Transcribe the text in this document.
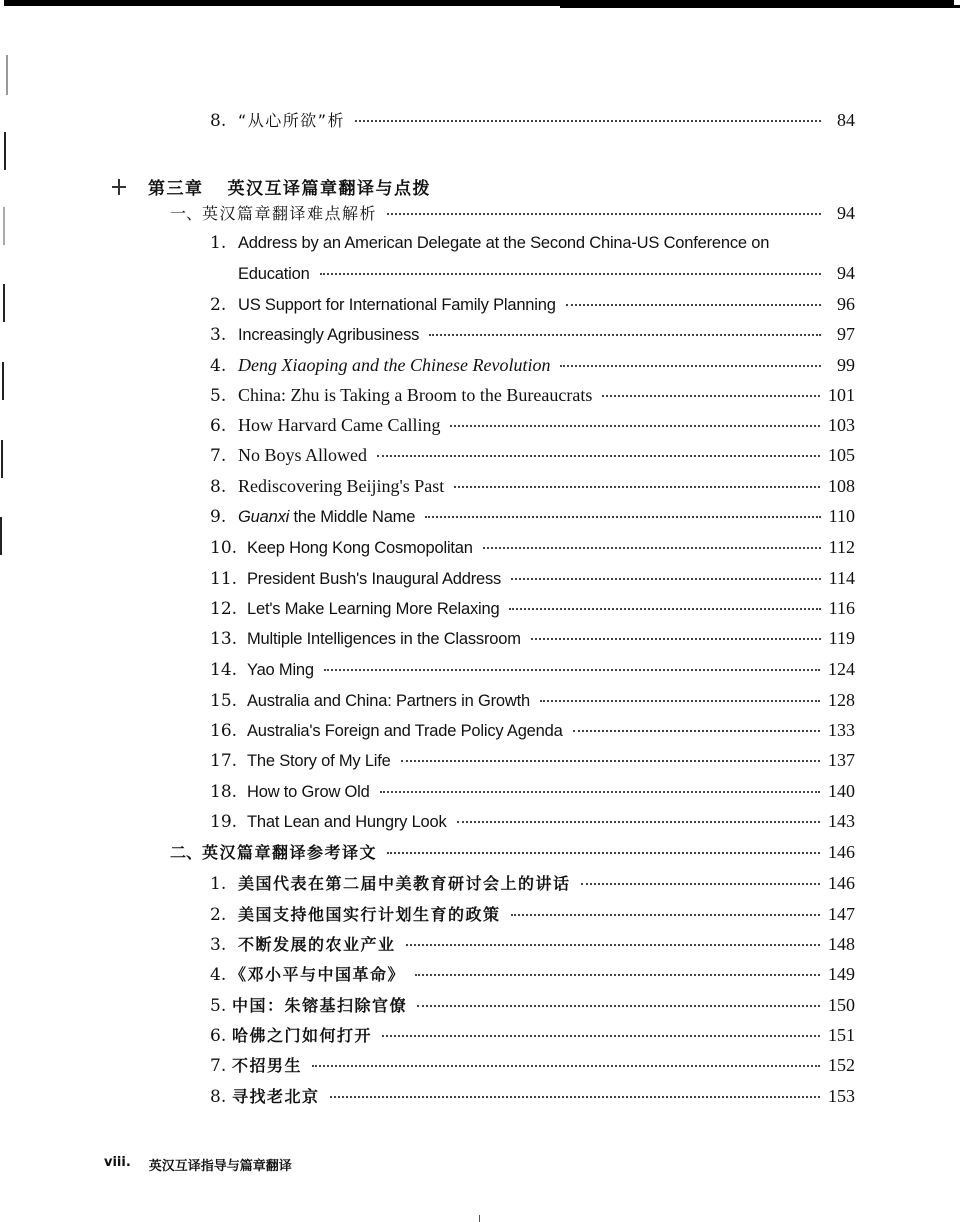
8. “从心所欲”析	84
第三章 英汉互译篇章翻译与点拨
一、 英汉篇章翻译难点解析	94
1. Address by an American Delegate at the Second China-US Conference on
Education	94
2. US Support for International Family Planning	96
3. Increasingly Agribusiness	97
4. Deng Xiaoping and the Chinese Revolution	99
5. China: Zhu is Taking a Broom to the Bureaucrats	101
6. How Harvard Came Calling	103
7. No Boys Allowed	105
8. Rediscovering Beijing's Past	108
9. Guanxi the Middle Name	110
10. Keep Hong Kong Cosmopolitan	112
11. President Bush's Inaugural Address	114
12. Let's Make Learning More Relaxing	116
13. Multiple Intelligences in the Classroom	119
14. Yao Ming	124
15. Australia and China: Partners in Growth	128
16. Australia's Foreign and Trade Policy Agenda	133
17. The Story of My Life	137
18. How to Grow Old	140
19. That Lean and Hungry Look	143
二、 英汉篇章翻译参考译文	146
1. 美国代表在第二届中美教育研讨会上的讲话	146
2. 美国支持他国实行计划生育的政策	147
3. 不断发展的农业产业	148
4. 《邓小平与中国革命》	149
5. 中国：朱镕基扫除官僚	150
6. 哈佛之门如何打开	151
7. 不招男生	152
8. 寻找老北京	153
viii. 英汉互译指导与篇章翻译
